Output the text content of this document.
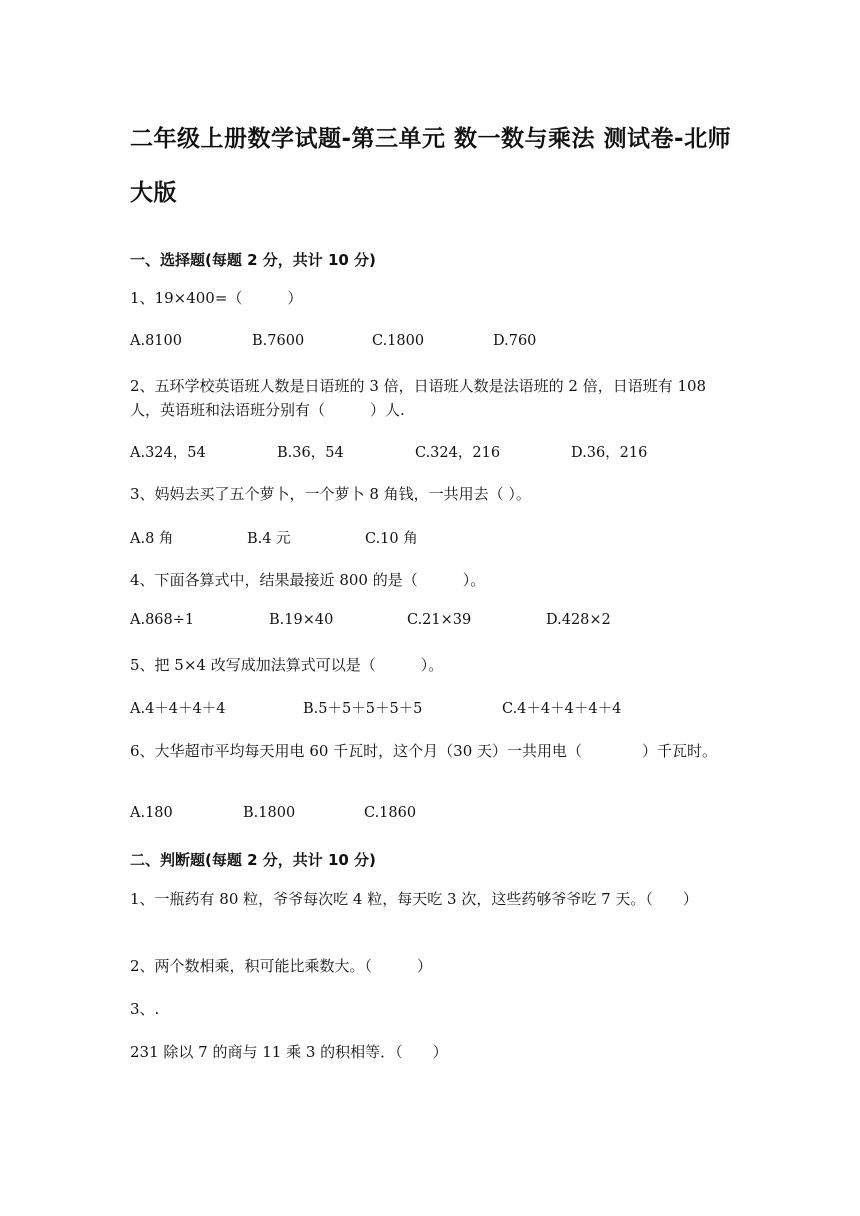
二年级上册数学试题-第三单元 数一数与乘法 测试卷-北师大版
一、选择题(每题 2 分，共计 10 分)
1、19×400=（　　　）
A.8100	B.7600	C.1800	D.760
2、五环学校英语班人数是日语班的 3 倍，日语班人数是法语班的 2 倍，日语班有 108 人，英语班和法语班分别有（　　　）人.
A.324，54	B.36，54	C.324，216	D.36，216
3、妈妈去买了五个萝卜，一个萝卜 8 角钱，一共用去（ ）。
A.8 角	B.4 元	C.10 角
4、下面各算式中，结果最接近 800 的是（　　　）。
A.868÷1	B.19×40	C.21×39	D.428×2
5、把 5×4 改写成加法算式可以是（　　　）。
A.4＋4＋4＋4	B.5＋5＋5＋5＋5	C.4＋4＋4＋4＋4
6、大华超市平均每天用电 60 千瓦时，这个月（30 天）一共用电（　　　　）千瓦时。
A.180	B.1800	C.1860
二、判断题(每题 2 分，共计 10 分)
1、一瓶药有 80 粒，爷爷每次吃 4 粒，每天吃 3 次，这些药够爷爷吃 7 天。（　　）
2、两个数相乘，积可能比乘数大。（　　　）
3、.
231 除以 7 的商与 11 乘 3 的积相等．（　　）
